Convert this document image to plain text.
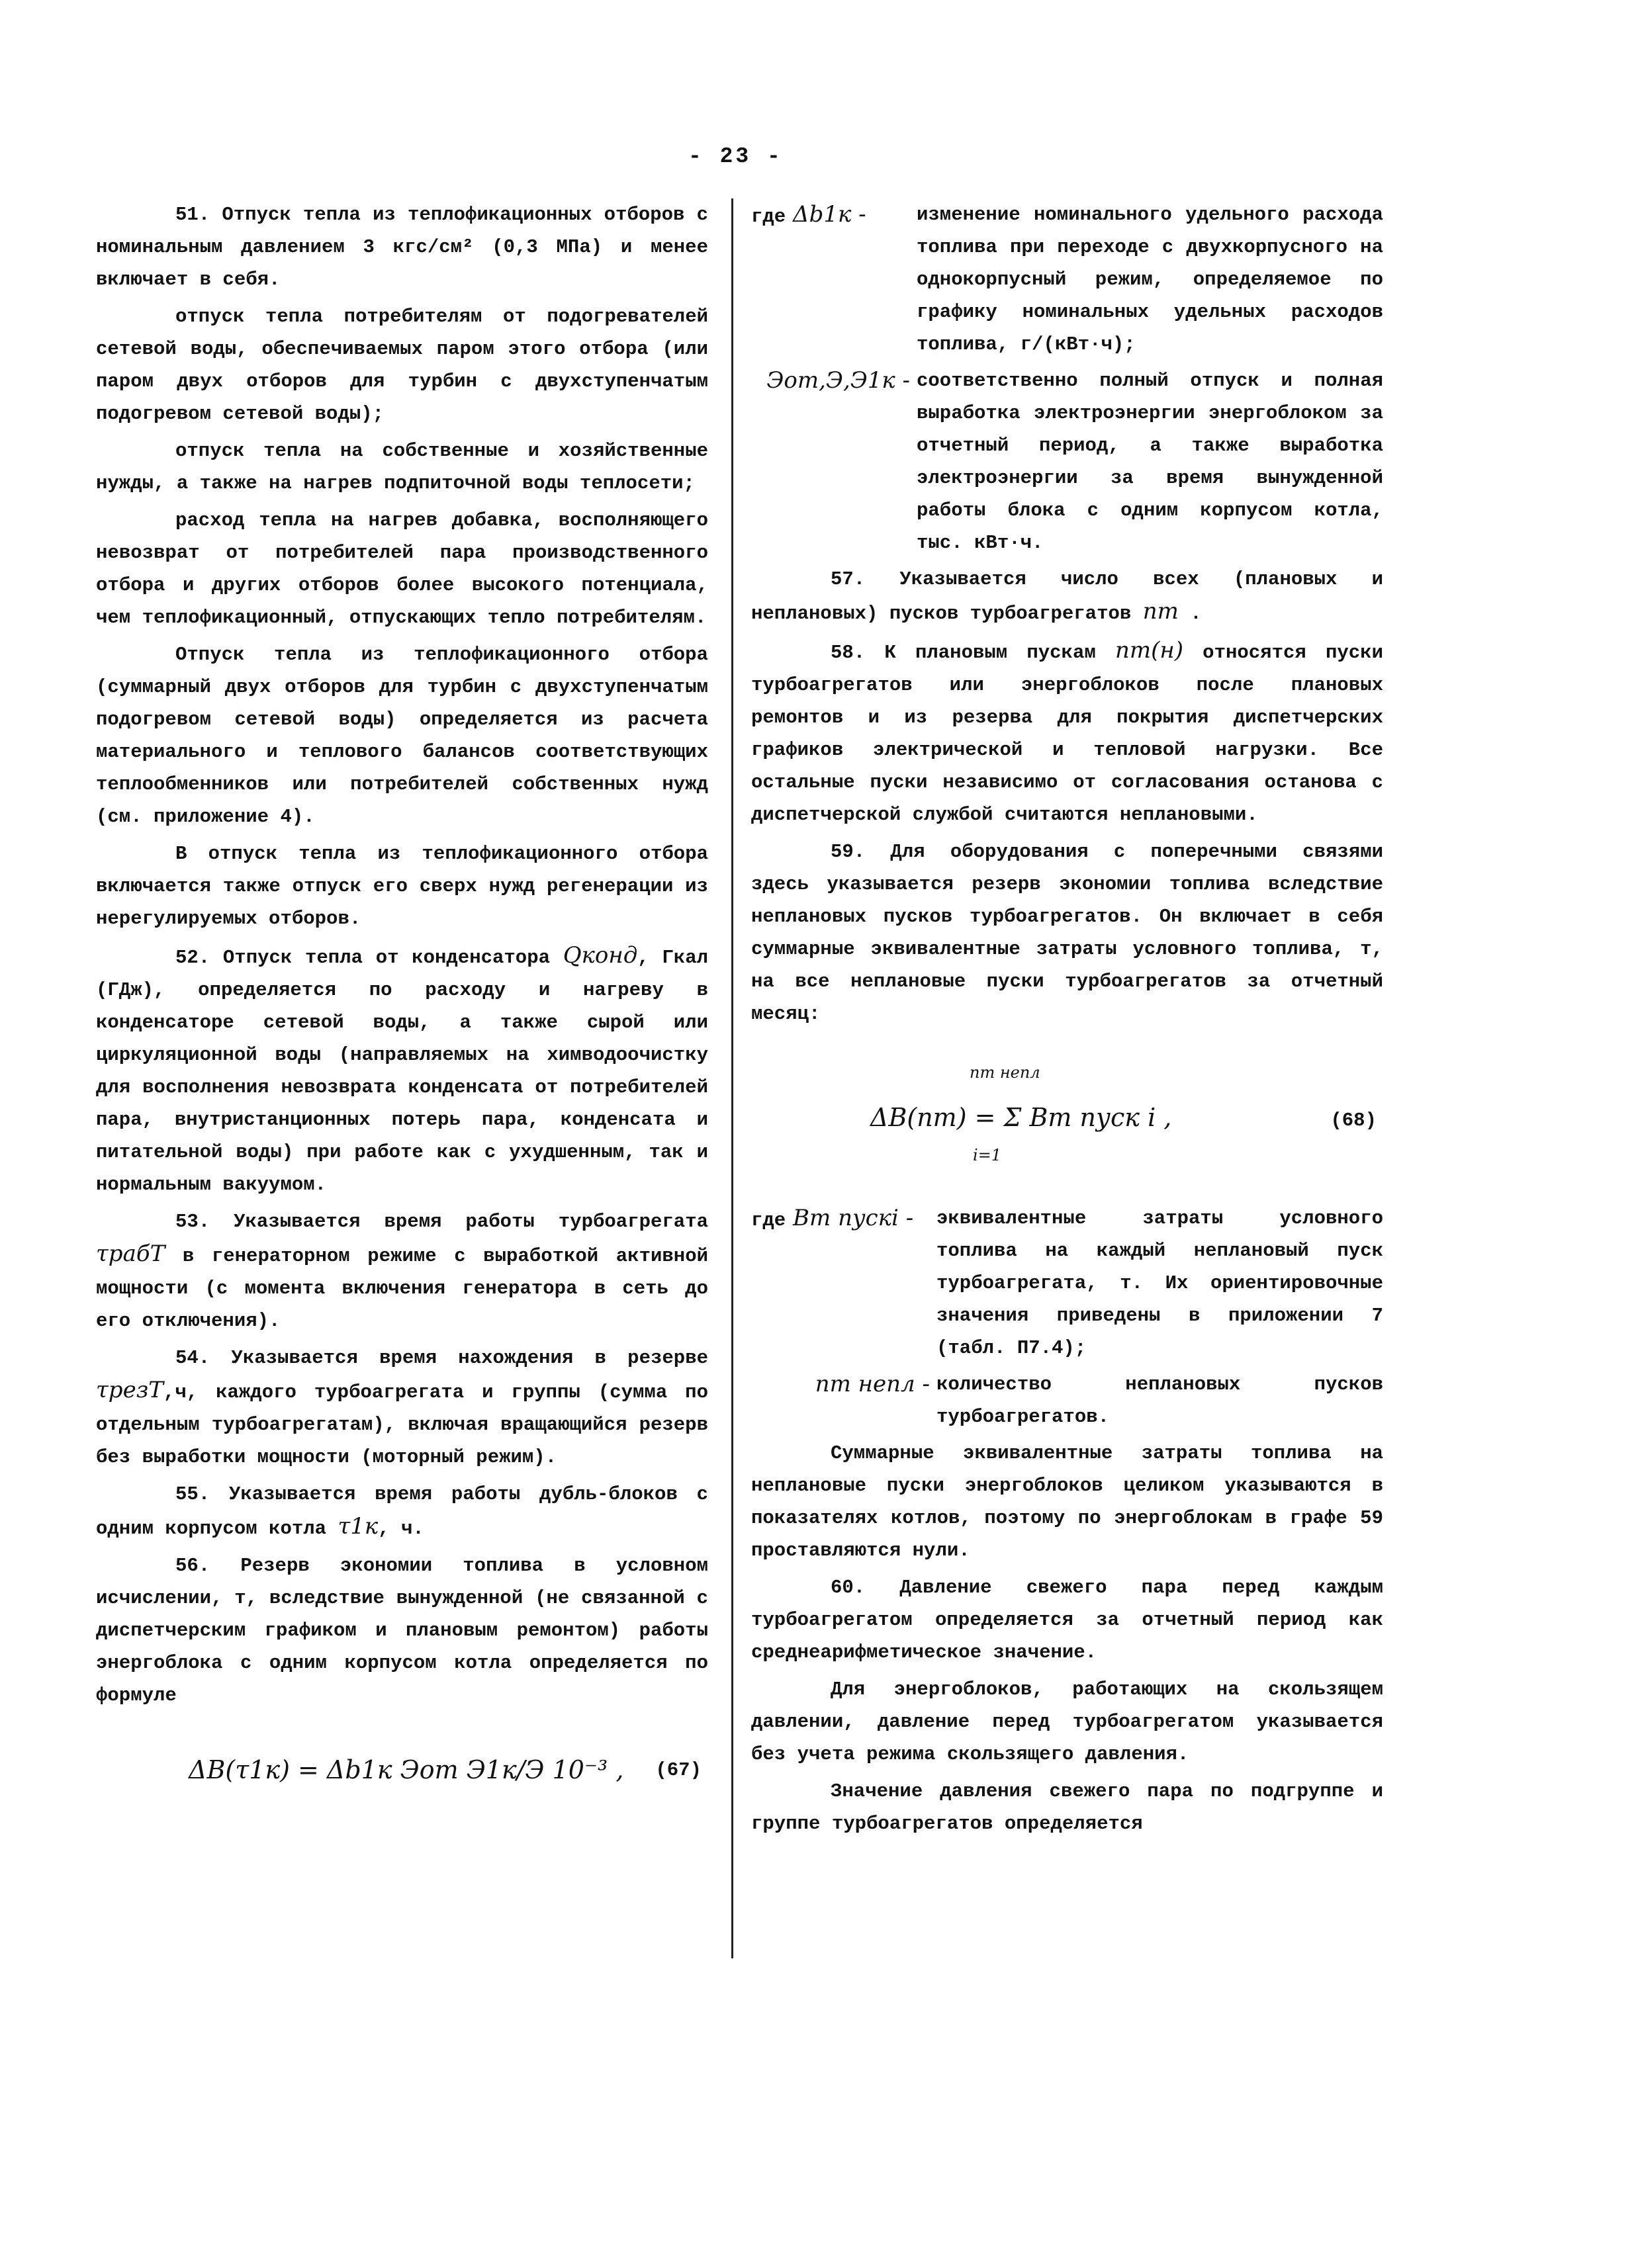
- 23 -

51. Отпуск тепла из теплофикационных отборов с номинальным давлением 3 кгс/см² (0,3 МПа) и менее включает в себя.

отпуск тепла потребителям от подогревателей сетевой воды, обеспечиваемых паром этого отбора (или паром двух отборов для турбин с двухступенчатым подогревом сетевой воды);

отпуск тепла на собственные и хозяйственные нужды, а также на нагрев подпиточной воды теплосети;

расход тепла на нагрев добавка, восполняющего невозврат от потребителей пара производственного отбора и других отборов более высокого потенциала, чем теплофикационный, отпускающих тепло потребителям.

Отпуск тепла из теплофикационного отбора (суммарный двух отборов для турбин с двухступенчатым подогревом сетевой воды) определяется из расчета материального и теплового балансов соответствующих теплообменников или потребителей собственных нужд (см. приложение 4).

В отпуск тепла из теплофикационного отбора включается также отпуск его сверх нужд регенерации из нерегулируемых отборов.

52. Отпуск тепла от конденсатора Qконд, Гкал (ГДж), определяется по расходу и нагреву в конденсаторе сетевой воды, а также сырой или циркуляционной воды (направляемых на химводоочистку для восполнения невозврата конденсата от потребителей пара, внутристанционных потерь пара, конденсата и питательной воды) при работе как с ухудшенным, так и нормальным вакуумом.

53. Указывается время работы турбоагрегата τрабТ в генераторном режиме с выработкой активной мощности (с момента включения генератора в сеть до его отключения).

54. Указывается время нахождения в резерве τрезТ,ч, каждого турбоагрегата и группы (сумма по отдельным турбоагрегатам), включая вращающийся резерв без выработки мощности (моторный режим).

55. Указывается время работы дубль-блоков с одним корпусом котла τ1к, ч.

56. Резерв экономии топлива в условном исчислении, т, вследствие вынужденной (не связанной с диспетчерским графиком и плановым ремонтом) работы энергоблока с одним корпусом котла определяется по формуле

ΔB(τ1к) = Δb1к Эот Э1к/Э 10⁻³ , (67)
где Δb1к -	изменение номинального удельного расхода топлива при переходе с двухкорпусного на однокорпусный режим, определяемое по графику номинальных удельных расходов топлива, г/(кВт·ч);
Эот,Э,Э1к - соответственно полный отпуск и полная выработка электроэнергии энергоблоком за отчетный период, а также выработка электроэнергии за время вынужденной работы блока с одним корпусом котла, тыс. кВт·ч.

57. Указывается число всех (плановых и неплановых) пусков турбоагрегатов nт .

58. К плановым пускам nт(н) относятся пуски турбоагрегатов или энергоблоков после плановых ремонтов и из резерва для покрытия диспетчерских графиков электрической и тепловой нагрузки. Все остальные пуски независимо от согласования останова с диспетчерской службой считаются неплановыми.

59. Для оборудования с поперечными связями здесь указывается резерв экономии топлива вследствие неплановых пусков турбоагрегатов. Он включает в себя суммарные эквивалентные затраты условного топлива, т, на все неплановые пуски турбоагрегатов за отчетный месяц:

nт непл
ΔB(nт) = Σ Bт пуск i ,
i=1
(68)
где Bт пускi -	эквивалентные затраты условного топлива на каждый неплановый пуск турбоагрегата, т. Их ориентировочные значения приведены в приложении 7 (табл. П7.4);
nт непл - количество неплановых пусков турбоагрегатов.

Суммарные эквивалентные затраты топлива на неплановые пуски энергоблоков целиком указываются в показателях котлов, поэтому по энергоблокам в графе 59 проставляются нули.

60. Давление свежего пара перед каждым турбоагрегатом определяется за отчетный период как среднеарифметическое значение.

Для энергоблоков, работающих на скользящем давлении, давление перед турбоагрегатом указывается без учета режима скользящего давления.

Значение давления свежего пара по подгруппе и группе турбоагрегатов определяется
